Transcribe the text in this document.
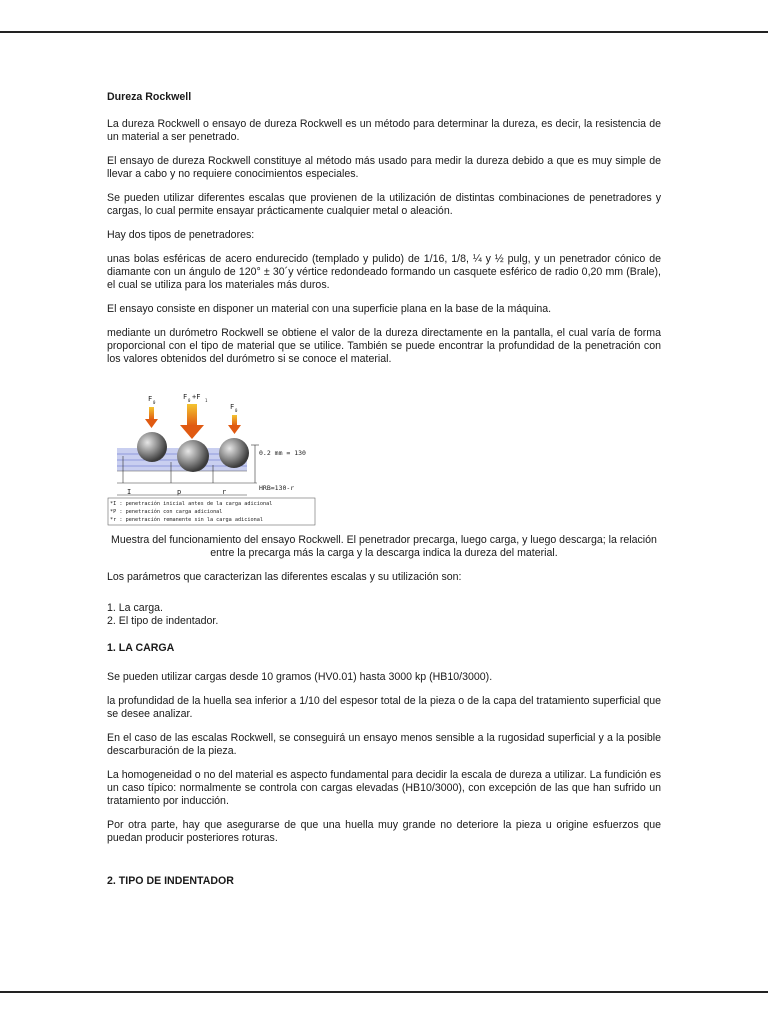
Dureza Rockwell

La dureza Rockwell o ensayo de dureza Rockwell es un método para determinar la dureza, es decir, la resistencia de un material a ser penetrado.

El ensayo de dureza Rockwell constituye al método más usado para medir la dureza debido a que es muy simple de llevar a cabo y no requiere conocimientos especiales.

Se pueden utilizar diferentes escalas que provienen de la utilización de distintas combinaciones de penetradores y cargas, lo cual permite ensayar prácticamente cualquier metal o aleación.

Hay dos tipos de penetradores:

unas bolas esféricas de acero endurecido (templado y pulido) de 1/16, 1/8, ¼ y ½ pulg, y un penetrador cónico de diamante con un ángulo de 120° ± 30´y vértice redondeado formando un casquete esférico de radio 0,20 mm (Brale), el cual se utiliza para los materiales más duros.

El ensayo consiste en disponer un material con una superficie plana en la base de la máquina.

mediante un durómetro Rockwell se obtiene el valor de la dureza directamente en la pantalla, el cual varía de forma proporcional con el tipo de material que se utilice. También se puede encontrar la profundidad de la penetración con los valores obtenidos del durómetro si se conoce el material.

Muestra del funcionamiento del ensayo Rockwell. El penetrador precarga, luego carga, y luego descarga; la relación entre la precarga más la carga y la descarga indica la dureza del material.

Los parámetros que caracterizan las diferentes escalas y su utilización son:

1. La carga.
2. El tipo de indentador.
1. LA CARGA

Se pueden utilizar cargas desde 10 gramos (HV0.01) hasta 3000 kp (HB10/3000).

la profundidad de la huella sea inferior a 1/10 del espesor total de la pieza o de la capa del tratamiento superficial que se desee analizar.

En el caso de las escalas Rockwell, se conseguirá un ensayo menos sensible a la rugosidad superficial y a la posible descarburación de la pieza.

La homogeneidad o no del material es aspecto fundamental para decidir la escala de dureza a utilizar. La fundición es un caso típico: normalmente se controla con cargas elevadas (HB10/3000), con excepción de las que han sufrido un tratamiento por inducción.

Por otra parte, hay que asegurarse de que una huella muy grande no deteriore la pieza u origine esfuerzos que puedan producir posteriores roturas.

2. TIPO DE INDENTADOR
F 0
F +F
0	1
F 0
0.2 mm = 130
HRB=130-r
I	p	r
*I : penetración inicial antes de la carga adicional
*P : penetración con carga adicional
*r : penetración remanente sin la carga adicional
